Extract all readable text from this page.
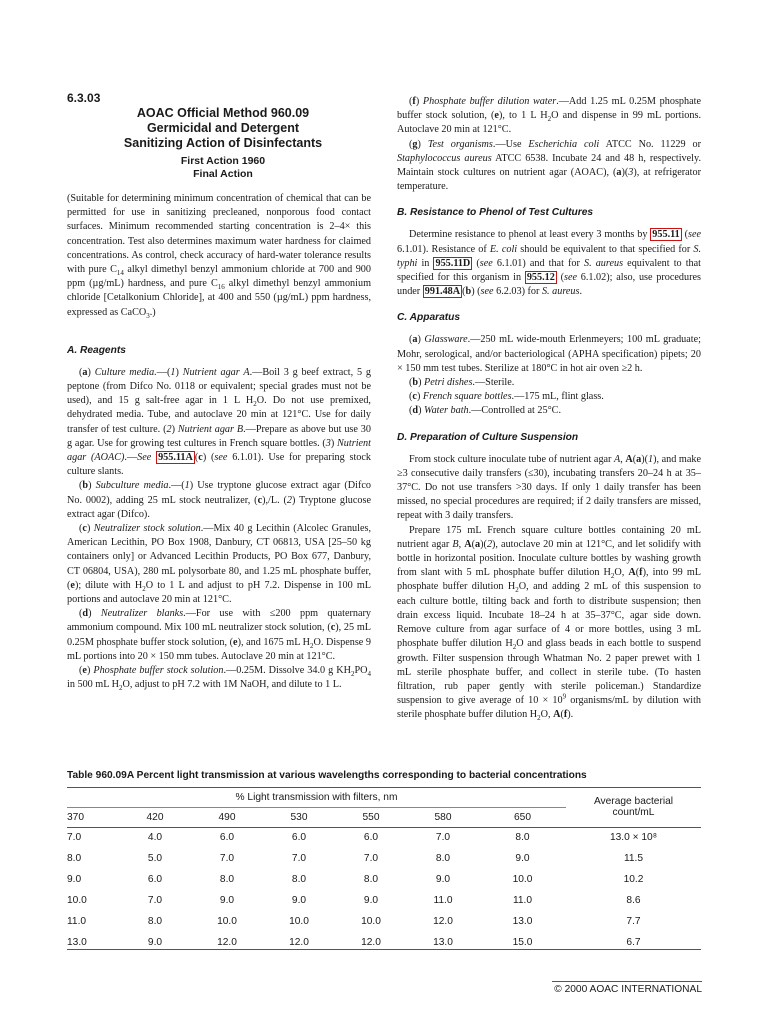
6.3.03
AOAC Official Method 960.09
Germicidal and Detergent
Sanitizing Action of Disinfectants
First Action 1960
Final Action

(Suitable for determining minimum concentration of chemical that can be permitted for use in sanitizing precleaned, nonporous food contact surfaces. Minimum recommended starting concentration is 2–4× this concentration. Test also determines maximum water hardness for claimed concentrations. As control, check accuracy of hard-water tolerance results with pure $C_{14}$ alkyl dimethyl benzyl ammonium chloride at 700 and 900 ppm (µg/mL) hardness, and pure $C_{16}$ alkyl dimethyl benzyl ammonium chloride [Cetalkonium Chloride], at 400 and 550 (µg/mL) ppm hardness, expressed as CaCO$_3$.)

A. Reagents

(a) Culture media.—(1) Nutrient agar A.—Boil 3 g beef extract, 5 g peptone (from Difco No. 0118 or equivalent; special grades must not be used), and 15 g salt-free agar in 1 L $H_2O$. Do not use premixed, dehydrated media. Tube, and autoclave 20 min at 121°C. Use for daily transfer of test culture. (2) Nutrient agar B.—Prepare as above but use 30 g agar. Use for growing test cultures in French square bottles. (3) Nutrient agar (AOAC).—See 955.11A (c) (see 6.1.01). Use for preparing stock culture slants.

(b) Subculture media.—(1) Use tryptone glucose extract agar (Difco No. 0002), adding 25 mL stock neutralizer, (c),/L. (2) Tryptone glucose extract agar (Difco).

(c) Neutralizer stock solution.—Mix 40 g Lecithin (Alcolec Granules, American Lecithin, PO Box 1908, Danbury, CT 06813, USA [25–50 kg containers only] or Advanced Lecithin Products, PO Box 677, Danbury, CT 06804, USA), 280 mL polysorbate 80, and 1.25 mL phosphate buffer, (e); dilute with $H_2O$ to 1 L and adjust to pH 7.2. Dispense in 100 mL portions and autoclave 20 min at 121°C.

(d) Neutralizer blanks.—For use with ≤200 ppm quaternary ammonium compound. Mix 100 mL neutralizer stock solution, (c), 25 mL 0.25M phosphate buffer stock solution, (e), and 1675 mL $H_2O$. Dispense 9 mL portions into 20 × 150 mm tubes. Autoclave 20 min at 121°C.

(e) Phosphate buffer stock solution.—0.25M. Dissolve 34.0 g $KH_2PO_4$ in 500 mL $H_2O$, adjust to pH 7.2 with 1M NaOH, and dilute to 1 L.

(f) Phosphate buffer dilution water.—Add 1.25 mL 0.25M phosphate buffer stock solution, (e), to 1 L $H_2O$ and dispense in 99 mL portions. Autoclave 20 min at 121°C.

(g) Test organisms.—Use Escherichia coli ATCC No. 11229 or Staphylococcus aureus ATCC 6538. Incubate 24 and 48 h, respectively. Maintain stock cultures on nutrient agar (AOAC), (a)(3), at refrigerator temperature.

B. Resistance to Phenol of Test Cultures

Determine resistance to phenol at least every 3 months by 955.11 (see 6.1.01). Resistance of E. coli should be equivalent to that specified for S. typhi in 955.11D (see 6.1.01) and that for S. aureus equivalent to that specified for this organism in 955.12 (see 6.1.02); also, use procedures under 991.48A (b) (see 6.2.03) for S. aureus.

C. Apparatus

(a) Glassware.—250 mL wide-mouth Erlenmeyers; 100 mL graduate; Mohr, serological, and/or bacteriological (APHA specification) pipets; 20 × 150 mm test tubes. Sterilize at 180°C in hot air oven ≥2 h.

(b) Petri dishes.—Sterile.

(c) French square bottles.—175 mL, flint glass.

(d) Water bath.—Controlled at 25°C.

D. Preparation of Culture Suspension

From stock culture inoculate tube of nutrient agar A, A(a)(1), and make ≥3 consecutive daily transfers (≤30), incubating transfers 20–24 h at 35–37°C. Do not use transfers >30 days. If only 1 daily transfer has been missed, no special procedures are required; if 2 daily transfers are missed, repeat with 3 daily transfers.

Prepare 175 mL French square culture bottles containing 20 mL nutrient agar B, A(a)(2), autoclave 20 min at 121°C, and let solidify with bottle in horizontal position. Inoculate culture bottles by washing growth from slant with 5 mL phosphate buffer dilution $H_2O$, A(f), into 99 mL phosphate buffer dilution $H_2O$, and adding 2 mL of this suspension to each culture bottle, tilting back and forth to distribute suspension; then drain excess liquid. Incubate 18–24 h at 35–37°C, agar side down. Remove culture from agar surface of 4 or more bottles, using 3 mL phosphate buffer dilution $H_2O$ and glass beads in each bottle to suspend growth. Filter suspension through Whatman No. 2 paper prewet with 1 mL sterile phosphate buffer, and collect in sterile tube. (To hasten filtration, rub paper gently with sterile policeman.) Standardize suspension to give average of $10 \times 10^9$ organisms/mL by dilution with sterile phosphate buffer dilution $H_2O$, A(f).

Table 960.09A Percent light transmission at various wavelengths corresponding to bacterial concentrations
% Light transmission with filters, nm							Average bacterial
count/mL

370	420	490	530	550	580	650	
7.0	4.0	6.0	6.0	6.0	7.0	8.0	13.0 × 10⁸
8.0	5.0	7.0	7.0	7.0	8.0	9.0	11.5
9.0	6.0	8.0	8.0	8.0	9.0	10.0	10.2
10.0	7.0	9.0	9.0	9.0	11.0	11.0	8.6
11.0	8.0	10.0	10.0	10.0	12.0	13.0	7.7
13.0	9.0	12.0	12.0	12.0	13.0	15.0	6.7
© 2000 AOAC INTERNATIONAL
